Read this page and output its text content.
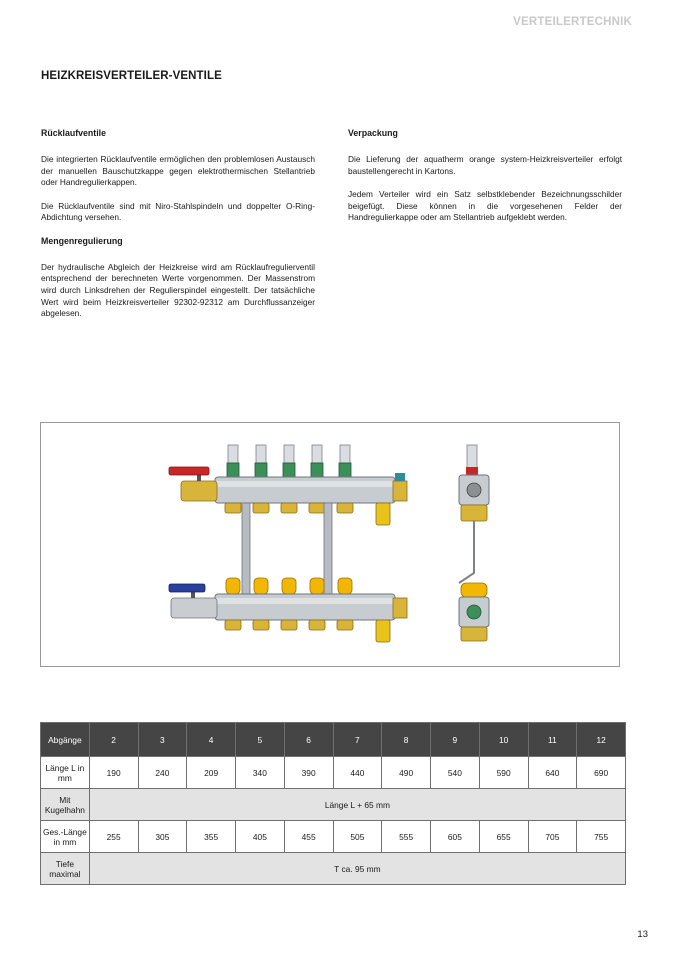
VERTEILERTECHNIK
HEIZKREISVERTEILER-VENTILE
Rücklaufventile

Die integrierten Rücklaufventile ermöglichen den problemlosen Austausch der manuellen Bauschutzkappe gegen elektrothermischen Stellantrieb oder Handregulierkappen.

Die Rücklaufventile sind mit Niro-Stahlspindeln und doppelter O-Ring-Abdichtung versehen.

Mengenregulierung

Der hydraulische Abgleich der Heizkreise wird am Rücklaufregulierventil entsprechend der berechneten Werte vorgenommen. Der Massenstrom wird durch Linksdrehen der Regulierspindel eingestellt. Der tatsächliche Wert wird beim Heizkreisverteiler 92302-92312 am Durchflussanzeiger abgelesen.

Verpackung

Die Lieferung der aquatherm orange system-Heizkreisverteiler erfolgt baustellengerecht in Kartons.

Jedem Verteiler wird ein Satz selbstklebender Bezeichnungsschilder beigefügt. Diese können in die vorgesehenen Felder der Handregulierkappe oder am Stellantrieb aufgeklebt werden.

Abgänge	2	3	4	5	6	7	8	9	10	11	12
Länge L in mm	190	240	209	340	390	440	490	540	590	640	690
Mit Kugelhahn	Länge L + 65 mm										
Ges.-Länge in mm	255	305	355	405	455	505	555	605	655	705	755
Tiefe maximal	T ca. 95 mm										
13
